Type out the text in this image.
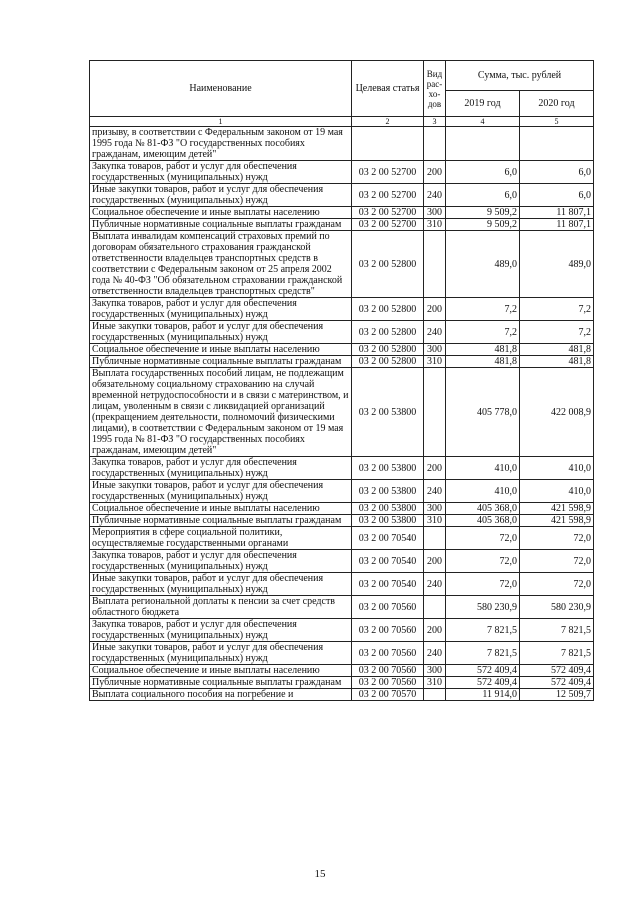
Наименование	Целевая статья	Вид рас-хо-дов	Сумма, тыс. рублей	
			2019 год	2020 год
1	2	3	4	5
призыву, в соответствии с Федеральным законом от 19 мая 1995 года № 81-ФЗ "О государственных пособиях гражданам, имеющим детей"				
Закупка товаров, работ и услуг для обеспечения государственных (муниципальных) нужд	03 2 00 52700	200	6,0	6,0
Иные закупки товаров, работ и услуг для обеспечения государственных (муниципальных) нужд	03 2 00 52700	240	6,0	6,0
Социальное обеспечение и иные выплаты населению	03 2 00 52700	300	9 509,2	11 807,1
Публичные нормативные социальные выплаты гражданам	03 2 00 52700	310	9 509,2	11 807,1
Выплата инвалидам компенсаций страховых премий по договорам обязательного страхования гражданской ответственности владельцев транспортных средств в соответствии с Федеральным законом от 25 апреля 2002 года № 40-ФЗ "Об обязательном страховании гражданской ответственности владельцев транспортных средств"	03 2 00 52800		489,0	489,0
Закупка товаров, работ и услуг для обеспечения государственных (муниципальных) нужд	03 2 00 52800	200	7,2	7,2
Иные закупки товаров, работ и услуг для обеспечения государственных (муниципальных) нужд	03 2 00 52800	240	7,2	7,2
Социальное обеспечение и иные выплаты населению	03 2 00 52800	300	481,8	481,8
Публичные нормативные социальные выплаты гражданам	03 2 00 52800	310	481,8	481,8
Выплата государственных пособий лицам, не подлежащим обязательному социальному страхованию на случай временной нетрудоспособности и в связи с материнством, и лицам, уволенным в связи с ликвидацией организаций (прекращением деятельности, полномочий физическими лицами), в соответствии с Федеральным законом от 19 мая 1995 года № 81-ФЗ "О государственных пособиях гражданам, имеющим детей"	03 2 00 53800		405 778,0	422 008,9
Закупка товаров, работ и услуг для обеспечения государственных (муниципальных) нужд	03 2 00 53800	200	410,0	410,0
Иные закупки товаров, работ и услуг для обеспечения государственных (муниципальных) нужд	03 2 00 53800	240	410,0	410,0
Социальное обеспечение и иные выплаты населению	03 2 00 53800	300	405 368,0	421 598,9
Публичные нормативные социальные выплаты гражданам	03 2 00 53800	310	405 368,0	421 598,9
Мероприятия в сфере социальной политики, осуществляемые государственными органами	03 2 00 70540		72,0	72,0
Закупка товаров, работ и услуг для обеспечения государственных (муниципальных) нужд	03 2 00 70540	200	72,0	72,0
Иные закупки товаров, работ и услуг для обеспечения государственных (муниципальных) нужд	03 2 00 70540	240	72,0	72,0
Выплата региональной доплаты к пенсии за счет средств областного бюджета	03 2 00 70560		580 230,9	580 230,9
Закупка товаров, работ и услуг для обеспечения государственных (муниципальных) нужд	03 2 00 70560	200	7 821,5	7 821,5
Иные закупки товаров, работ и услуг для обеспечения государственных (муниципальных) нужд	03 2 00 70560	240	7 821,5	7 821,5
Социальное обеспечение и иные выплаты населению	03 2 00 70560	300	572 409,4	572 409,4
Публичные нормативные социальные выплаты гражданам	03 2 00 70560	310	572 409,4	572 409,4
Выплата социального пособия на погребение и	03 2 00 70570		11 914,0	12 509,7
15
